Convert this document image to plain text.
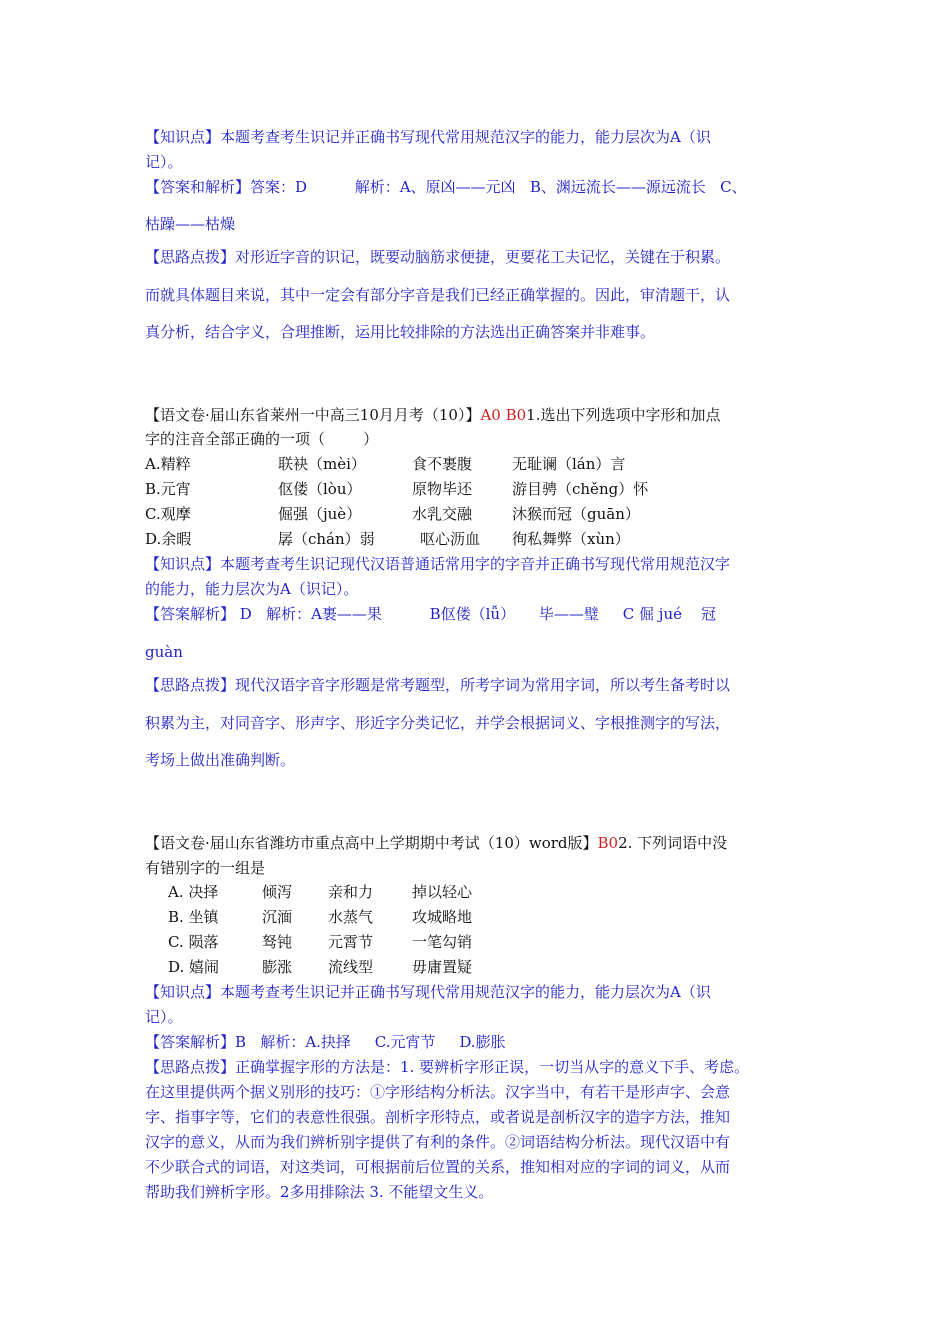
【知识点】本题考查考生识记并正确书写现代常用规范汉字的能力，能力层次为A（识
记）。
【答案和解析】答案：D          解析：A、原凶——元凶   B、渊远流长——源远流长   C、
枯躁——枯燥
【思路点拨】对形近字音的识记，既要动脑筋求便捷，更要花工夫记忆，关键在于积累。
而就具体题目来说，其中一定会有部分字音是我们已经正确掌握的。因此，审清题干，认
真分析，结合字义，合理推断，运用比较排除的方法选出正确答案并非难事。
【语文卷·届山东省莱州一中高三10月月考（10）】A0 B01.选出下列选项中字形和加点
字的注音全部正确的一项（        ）
A.精粹	联袂（mèi）	食不裹腹	无耻谰（lán）言
B.元宵	伛偻（lòu）	原物毕还	游目骋（chěng）怀
C.观摩	倔强（juè）	水乳交融	沐猴而冠（guān）
D.余暇	孱（chán）弱	呕心沥血 徇私舞弊（xùn）
【知识点】本题考查考生识记现代汉语普通话常用字的字音并正确书写现代常用规范汉字
的能力，能力层次为A（识记）。
【答案解析】 D   解析：A裹——果          B伛偻（lǚ）     毕——璧     C 倔 jué    冠
guàn
【思路点拨】现代汉语字音字形题是常考题型，所考字词为常用字词，所以考生备考时以
积累为主，对同音字、形声字、形近字分类记忆，并学会根据词义、字根推测字的写法，
考场上做出准确判断。
【语文卷·届山东省潍坊市重点高中上学期期中考试（10）word版】B02. 下列词语中没
有错别字的一组是
A. 决择	倾泻 亲和力	掉以轻心
B. 坐镇	沉湎 水蒸气	攻城略地
C. 陨落	驽钝 元霄节	一笔勾销
D. 嬉闹	膨涨 流线型	毋庸置疑
【知识点】本题考查考生识记并正确书写现代常用规范汉字的能力，能力层次为A（识
记）。
【答案解析】B   解析：A.抉择     C.元宵节     D.膨胀
【思路点拨】正确掌握字形的方法是：1. 要辨析字形正误，一切当从字的意义下手、考虑。
在这里提供两个据义别形的技巧：①字形结构分析法。汉字当中，有若干是形声字、会意
字、指事字等，它们的表意性很强。剖析字形特点，或者说是剖析汉字的造字方法，推知
汉字的意义，从而为我们辨析别字提供了有利的条件。②词语结构分析法。现代汉语中有
不少联合式的词语，对这类词，可根据前后位置的关系，推知相对应的字词的词义，从而
帮助我们辨析字形。2多用排除法 3. 不能望文生义。
